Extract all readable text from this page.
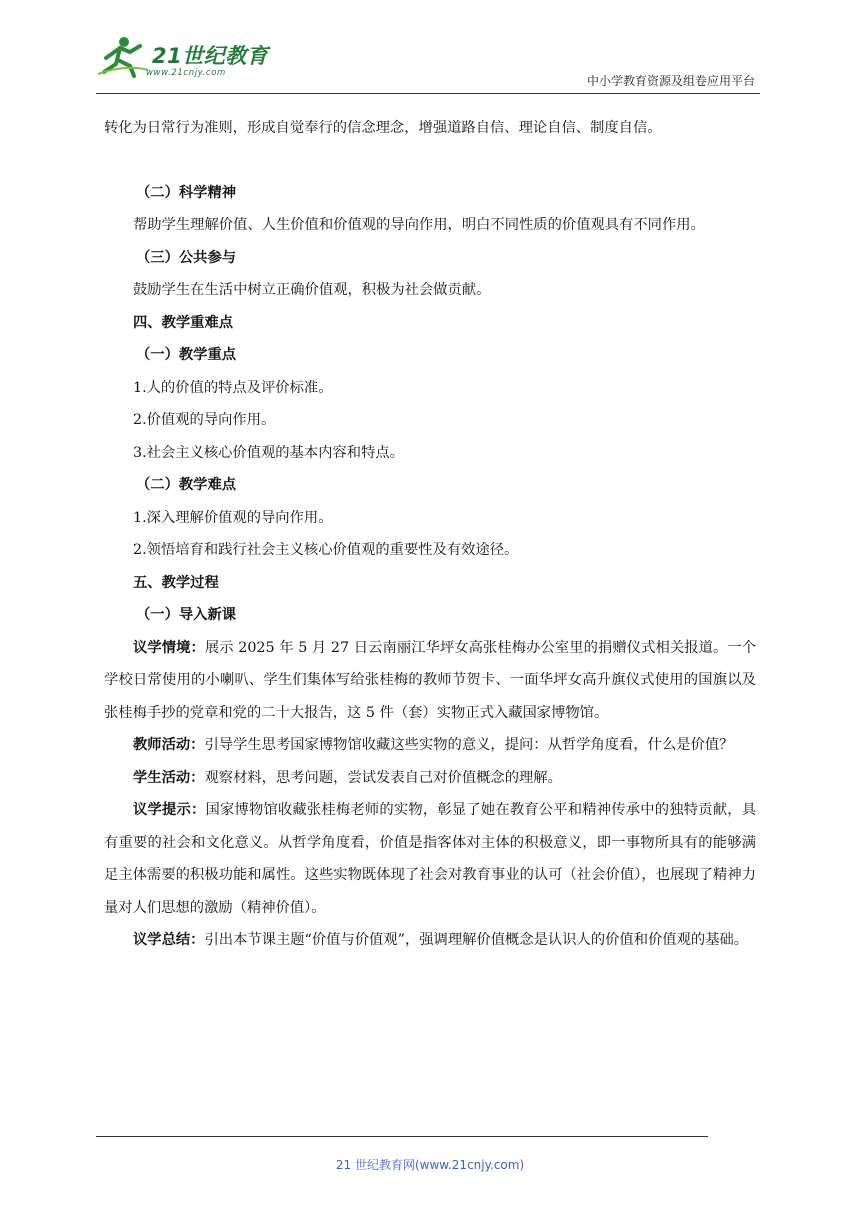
21世纪教育
www.21cnjy.com
中小学教育资源及组卷应用平台

转化为日常行为准则，形成自觉奉行的信念理念，增强道路自信、理论自信、制度自信。

（二）科学精神

帮助学生理解价值、人生价值和价值观的导向作用，明白不同性质的价值观具有不同作用。

（三）公共参与

鼓励学生在生活中树立正确价值观，积极为社会做贡献。

四、教学重难点

（一）教学重点

1.人的价值的特点及评价标准。

2.价值观的导向作用。

3.社会主义核心价值观的基本内容和特点。

（二）教学难点

1.深入理解价值观的导向作用。

2.领悟培育和践行社会主义核心价值观的重要性及有效途径。

五、教学过程

（一）导入新课

议学情境：展示 2025 年 5 月 27 日云南丽江华坪女高张桂梅办公室里的捐赠仪式相关报道。一个学校日常使用的小喇叭、学生们集体写给张桂梅的教师节贺卡、一面华坪女高升旗仪式使用的国旗以及张桂梅手抄的党章和党的二十大报告，这 5 件（套）实物正式入藏国家博物馆。

教师活动：引导学生思考国家博物馆收藏这些实物的意义，提问：从哲学角度看，什么是价值？

学生活动：观察材料，思考问题，尝试发表自己对价值概念的理解。

议学提示：国家博物馆收藏张桂梅老师的实物，彰显了她在教育公平和精神传承中的独特贡献，具有重要的社会和文化意义。从哲学角度看，价值是指客体对主体的积极意义，即一事物所具有的能够满足主体需要的积极功能和属性。这些实物既体现了社会对教育事业的认可（社会价值），也展现了精神力量对人们思想的激励（精神价值）。

议学总结：引出本节课主题“价值与价值观”，强调理解价值概念是认识人的价值和价值观的基础。

21 世纪教育网(www.21cnjy.com)
